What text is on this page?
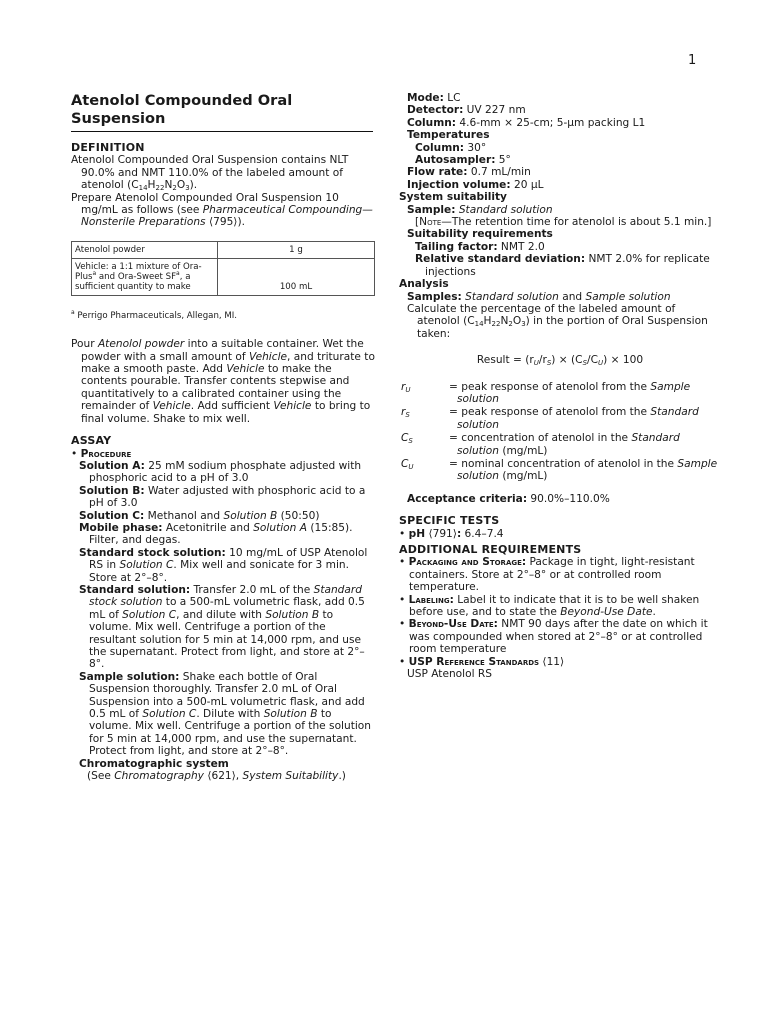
1
Atenolol Compounded Oral Suspension
DEFINITION

Atenolol Compounded Oral Suspension contains NLT 90.0% and NMT 110.0% of the labeled amount of atenolol $(C_{14}H_{22}N_2O_3)$.

Prepare Atenolol Compounded Oral Suspension 10 mg/mL as follows (see Pharmaceutical Compounding—Nonsterile Preparations ⟨795⟩).

Atenolol powder	1 g
Vehicle: a 1:1 mixture of Ora-Plus$^a$ and Ora-Sweet $SF^a$, a sufficient quantity to make	100 mL
$^a$ Perrigo Pharmaceuticals, Allegan, MI.

Pour Atenolol powder into a suitable container. Wet the powder with a small amount of Vehicle, and triturate to make a smooth paste. Add Vehicle to make the contents pourable. Transfer contents stepwise and quantitatively to a calibrated container using the remainder of Vehicle. Add sufficient Vehicle to bring to final volume. Shake to mix well.

ASSAY

• Procedure

Solution A: 25 mM sodium phosphate adjusted with phosphoric acid to a pH of 3.0

Solution B: Water adjusted with phosphoric acid to a pH of 3.0

Solution C: Methanol and Solution B (50:50)

Mobile phase: Acetonitrile and Solution A (15:85). Filter, and degas.

Standard stock solution: 10 mg/mL of USP Atenolol RS in Solution C. Mix well and sonicate for 3 min. Store at 2°–8°.

Standard solution: Transfer 2.0 mL of the Standard stock solution to a 500-mL volumetric flask, add 0.5 mL of Solution C, and dilute with Solution B to volume. Mix well. Centrifuge a portion of the resultant solution for 5 min at 14,000 rpm, and use the supernatant. Protect from light, and store at 2°–8°.

Sample solution: Shake each bottle of Oral Suspension thoroughly. Transfer 2.0 mL of Oral Suspension into a 500-mL volumetric flask, and add 0.5 mL of Solution C. Dilute with Solution B to volume. Mix well. Centrifuge a portion of the solution for 5 min at 14,000 rpm, and use the supernatant. Protect from light, and store at 2°–8°.

Chromatographic system

(See Chromatography ⟨621⟩, System Suitability.)

Mode: LC

Detector: UV 227 nm

Column: 4.6-mm × 25-cm; 5-µm packing L1

Temperatures

Column: 30°

Autosampler: 5°

Flow rate: 0.7 mL/min

Injection volume: 20 µL

System suitability

Sample: Standard solution

[Note—The retention time for atenolol is about 5.1 min.]

Suitability requirements

Tailing factor: NMT 2.0

Relative standard deviation: NMT 2.0% for replicate injections

Analysis

Samples: Standard solution and Sample solution

Calculate the percentage of the labeled amount of atenolol $(C_{14}H_{22}N_2O_3)$ in the portion of Oral Suspension taken:

Result = $(r_U/r_S) \times (C_S/C_U) \times 100$
$r_U$	= peak response of atenolol from the Sample solution
$r_S$	= peak response of atenolol from the Standard solution
$C_S$	= concentration of atenolol in the Standard solution (mg/mL)
$C_U$	= nominal concentration of atenolol in the Sample solution (mg/mL)

Acceptance criteria: 90.0%–110.0%

SPECIFIC TESTS

• pH ⟨791⟩: 6.4–7.4

ADDITIONAL REQUIREMENTS

• Packaging and Storage: Package in tight, light-resistant containers. Store at 2°–8° or at controlled room temperature.

• Labeling: Label it to indicate that it is to be well shaken before use, and to state the Beyond-Use Date.

• Beyond-Use Date: NMT 90 days after the date on which it was compounded when stored at 2°–8° or at controlled room temperature

• USP Reference Standards ⟨11⟩

USP Atenolol RS
